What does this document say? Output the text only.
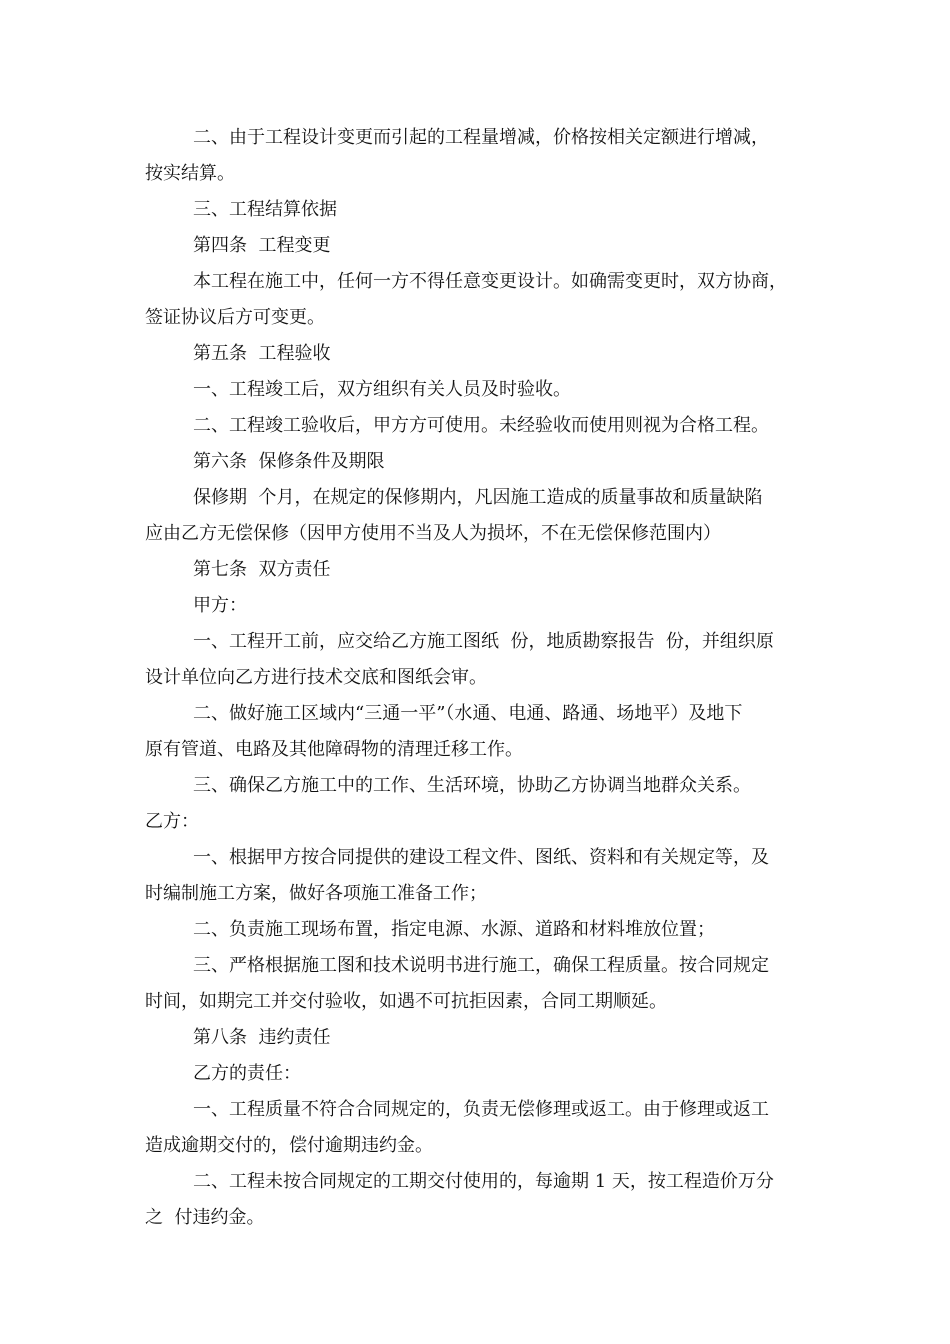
二、由于工程设计变更而引起的工程量增减，价格按相关定额进行增减，
按实结算。
三、工程结算依据
第四条  工程变更
本工程在施工中，任何一方不得任意变更设计。如确需变更时，双方协商，
签证协议后方可变更。
第五条  工程验收
一、工程竣工后，双方组织有关人员及时验收。
二、工程竣工验收后，甲方方可使用。未经验收而使用则视为合格工程。
第六条  保修条件及期限
保修期  个月，在规定的保修期内，凡因施工造成的质量事故和质量缺陷
应由乙方无偿保修（因甲方使用不当及人为损坏，不在无偿保修范围内）
第七条  双方责任
甲方：
一、工程开工前，应交给乙方施工图纸  份，地质勘察报告  份，并组织原
设计单位向乙方进行技术交底和图纸会审。
二、做好施工区域内“三通一平”（水通、电通、路通、场地平）及地下
原有管道、电路及其他障碍物的清理迁移工作。
三、确保乙方施工中的工作、生活环境，协助乙方协调当地群众关系。
乙方：
一、根据甲方按合同提供的建设工程文件、图纸、资料和有关规定等，及
时编制施工方案，做好各项施工准备工作；
二、负责施工现场布置，指定电源、水源、道路和材料堆放位置；
三、严格根据施工图和技术说明书进行施工，确保工程质量。按合同规定
时间，如期完工并交付验收，如遇不可抗拒因素，合同工期顺延。
第八条  违约责任
乙方的责任：
一、工程质量不符合合同规定的，负责无偿修理或返工。由于修理或返工
造成逾期交付的，偿付逾期违约金。
二、工程未按合同规定的工期交付使用的，每逾期 1 天，按工程造价万分
之  付违约金。
